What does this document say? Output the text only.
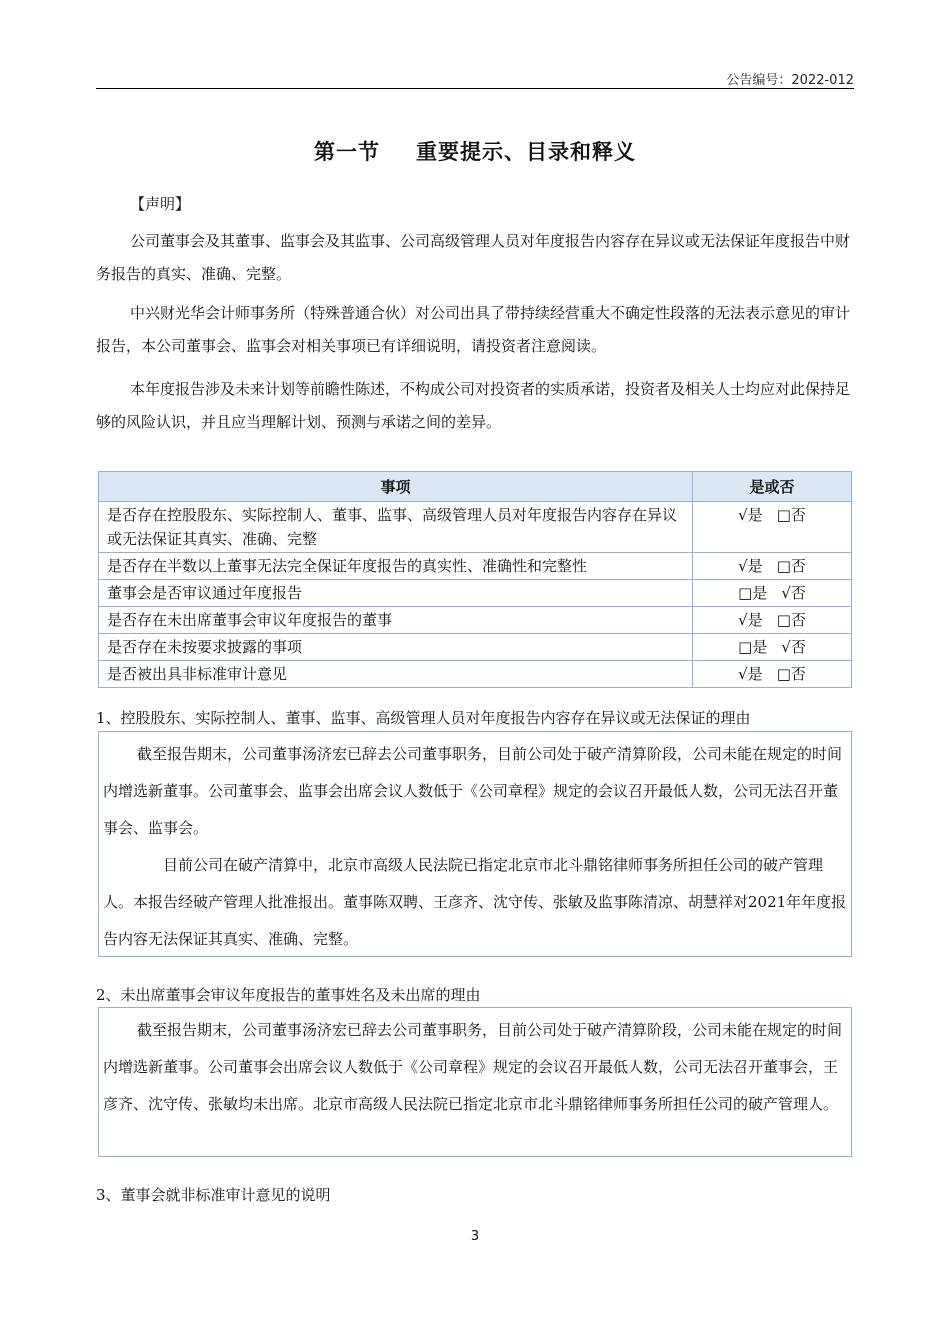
公告编号：2022-012
第一节 重要提示、目录和释义
【声明】

公司董事会及其董事、监事会及其监事、公司高级管理人员对年度报告内容存在异议或无法保证年度报告中财务报告的真实、准确、完整。

中兴财光华会计师事务所（特殊普通合伙）对公司出具了带持续经营重大不确定性段落的无法表示意见的审计报告，本公司董事会、监事会对相关事项已有详细说明，请投资者注意阅读。

本年度报告涉及未来计划等前瞻性陈述，不构成公司对投资者的实质承诺，投资者及相关人士均应对此保持足够的风险认识，并且应当理解计划、预测与承诺之间的差异。

事项	是或否
是否存在控股股东、实际控制人、董事、监事、高级管理人员对年度报告内容存在异议或无法保证其真实、准确、完整	√是 □否
是否存在半数以上董事无法完全保证年度报告的真实性、准确性和完整性	√是 □否
董事会是否审议通过年度报告	□是 √否
是否存在未出席董事会审议年度报告的董事	√是 □否
是否存在未按要求披露的事项	□是 √否
是否被出具非标准审计意见	√是 □否
1、控股股东、实际控制人、董事、监事、高级管理人员对年度报告内容存在异议或无法保证的理由

截至报告期末，公司董事汤济宏已辞去公司董事职务，目前公司处于破产清算阶段，公司未能在规定的时间内增选新董事。公司董事会、监事会出席会议人数低于《公司章程》规定的会议召开最低人数，公司无法召开董事会、监事会。

目前公司在破产清算中，北京市高级人民法院已指定北京市北斗鼎铭律师事务所担任公司的破产管理人。本报告经破产管理人批准报出。董事陈双聘、王彦齐、沈守传、张敏及监事陈清凉、胡慧祥对2021年年度报告内容无法保证其真实、准确、完整。

2、未出席董事会审议年度报告的董事姓名及未出席的理由

截至报告期末，公司董事汤济宏已辞去公司董事职务，目前公司处于破产清算阶段，公司未能在规定的时间内增选新董事。公司董事会出席会议人数低于《公司章程》规定的会议召开最低人数，公司无法召开董事会，王彦齐、沈守传、张敏均未出席。北京市高级人民法院已指定北京市北斗鼎铭律师事务所担任公司的破产管理人。

3、董事会就非标准审计意见的说明
3
